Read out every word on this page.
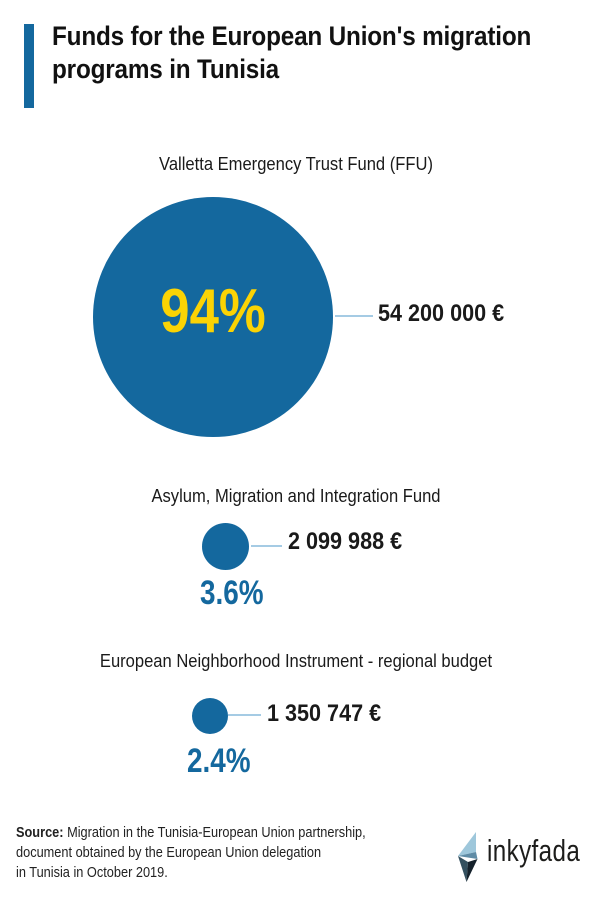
Funds for the European Union's migration programs in Tunisia
Valletta Emergency Trust Fund (FFU)
94%	54 200 000 €
Asylum, Migration and Integration Fund
2 099 988 €
3.6%
European Neighborhood Instrument - regional budget
1 350 747 €
2.4%
Source: Migration in the Tunisia-European Union partnership,
document obtained by the European Union delegation
in Tunisia in October 2019.
inkyfada
